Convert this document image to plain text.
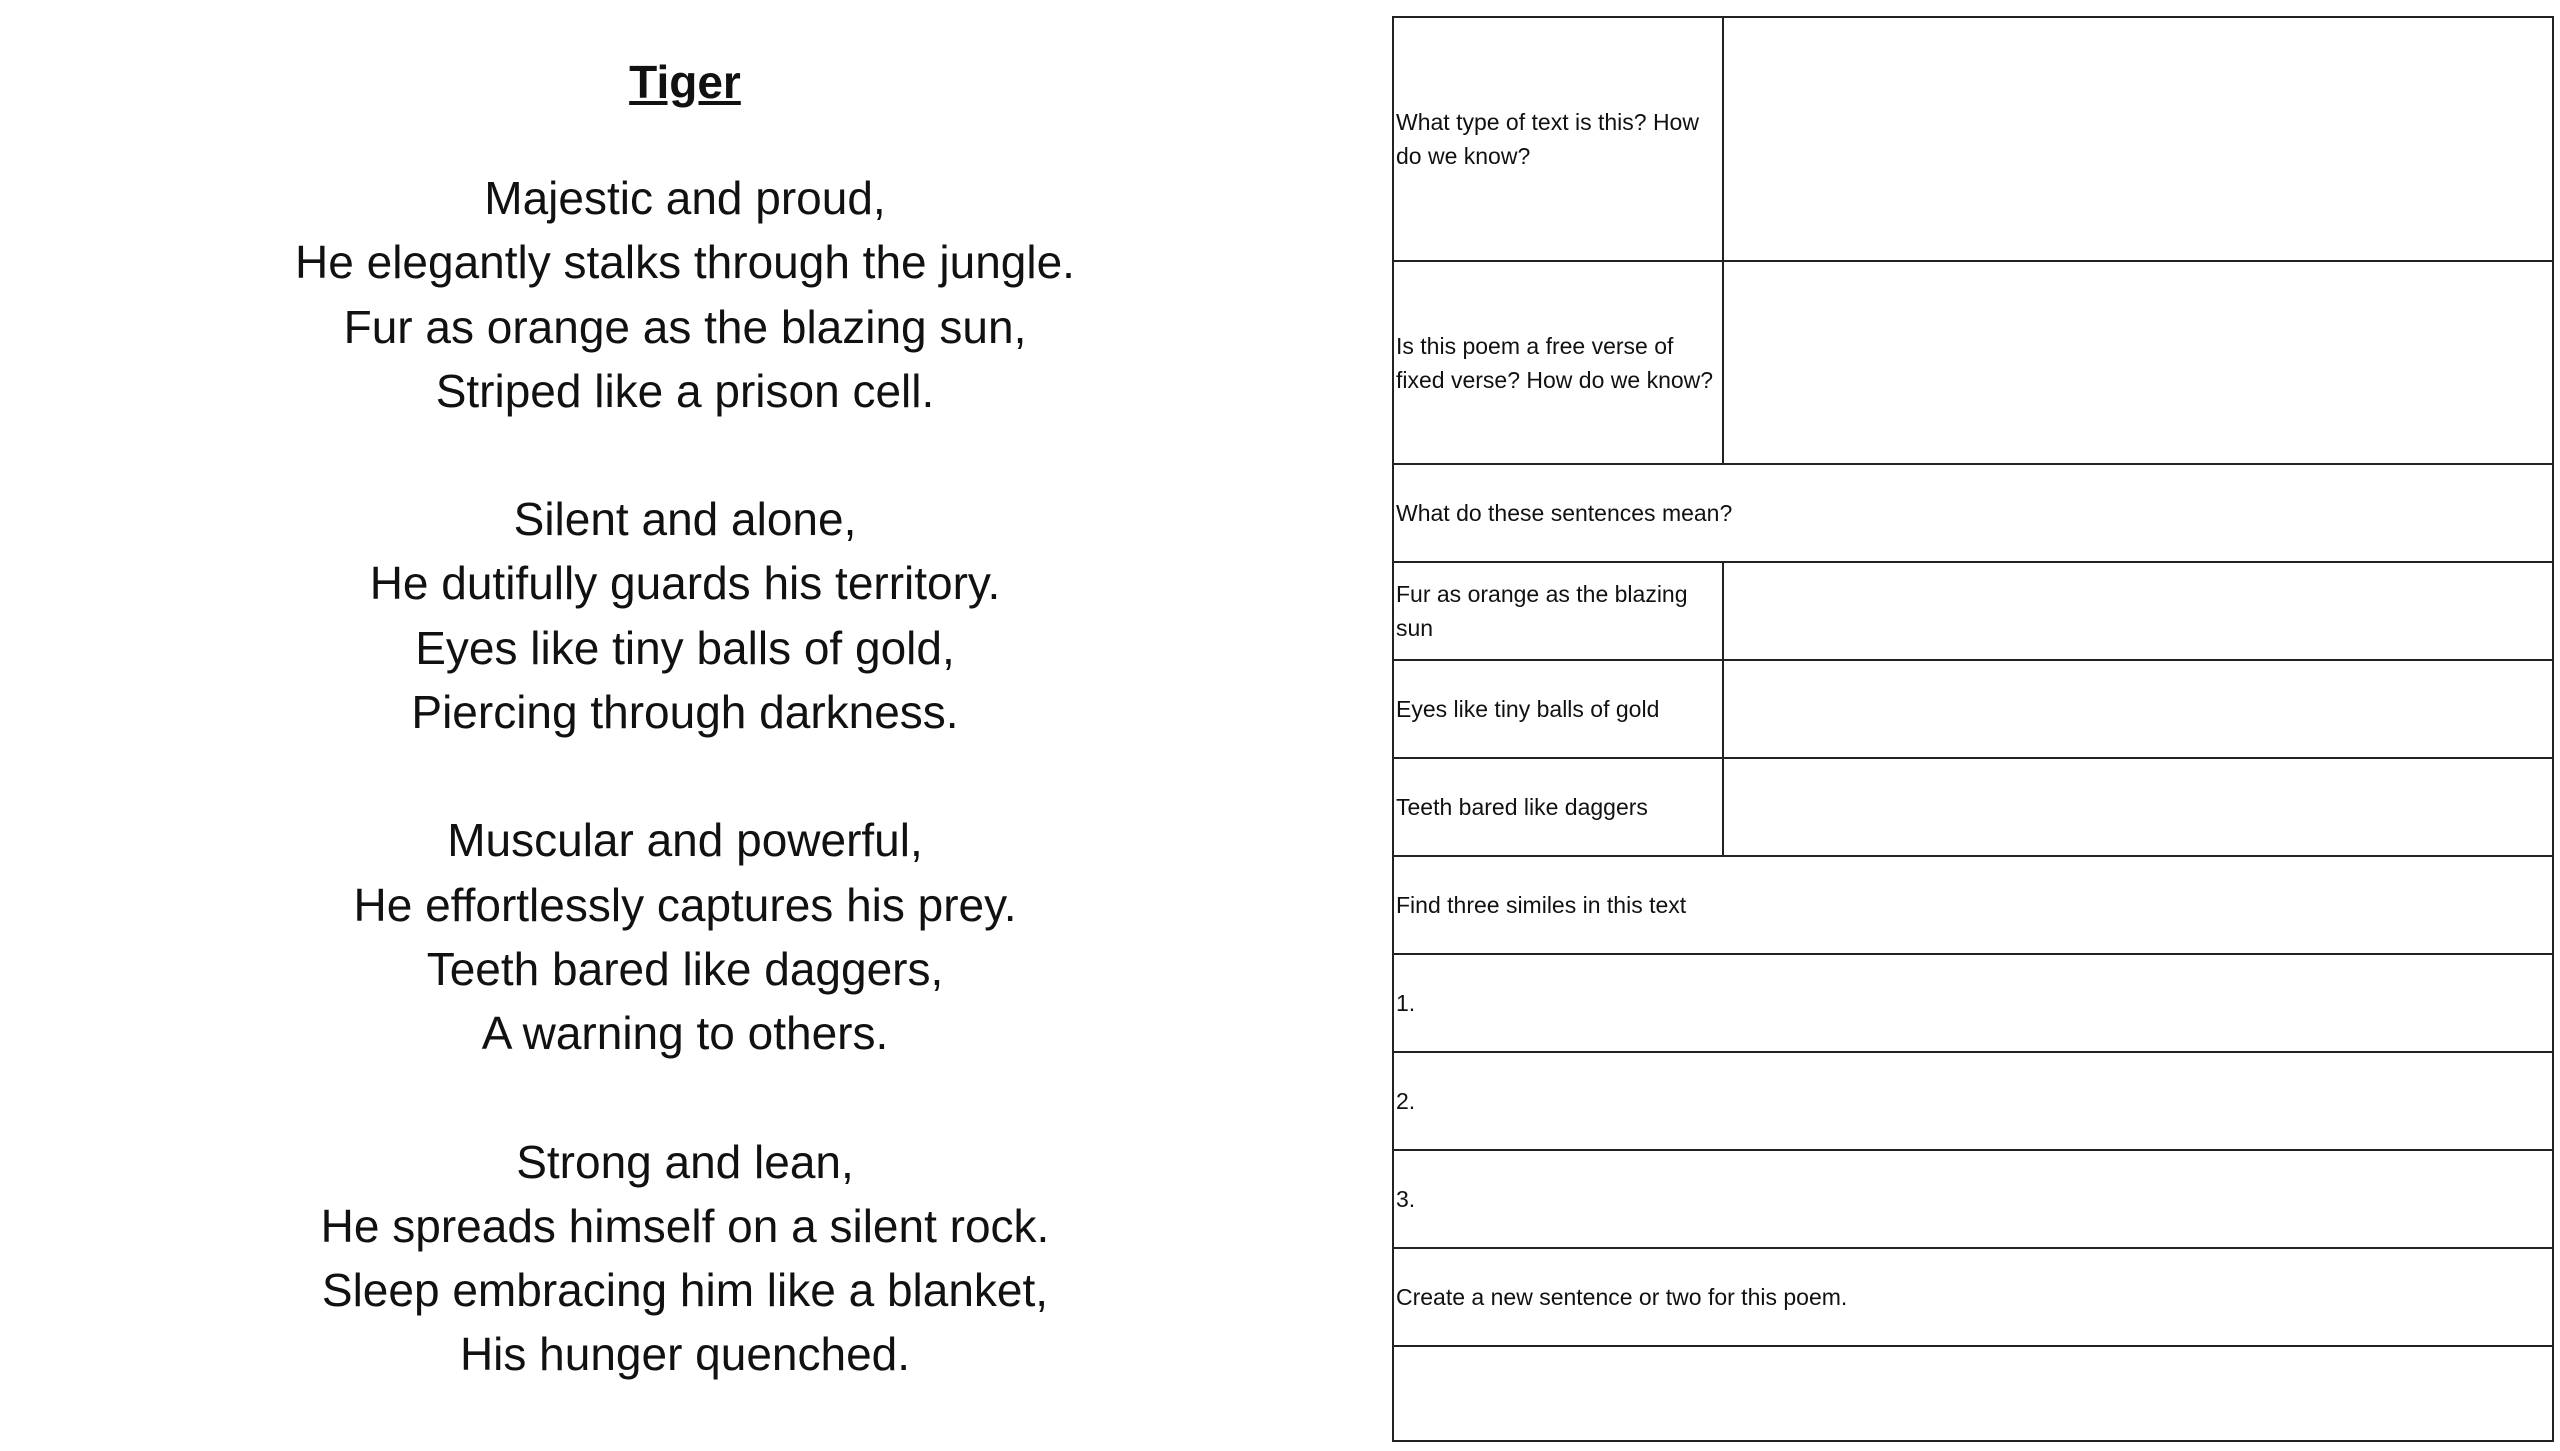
Tiger
Majestic and proud,
He elegantly stalks through the jungle.
Fur as orange as the blazing sun,
Striped like a prison cell.
Silent and alone,
He dutifully guards his territory.
Eyes like tiny balls of gold,
Piercing through darkness.
Muscular and powerful,
He effortlessly captures his prey.
Teeth bared like daggers,
A warning to others.
Strong and lean,
He spreads himself on a silent rock.
Sleep embracing him like a blanket,
His hunger quenched.
What type of text is this? How do we know?	
Is this poem a free verse of fixed verse? How do we know?	
What do these sentences mean?	
Fur as orange as the blazing sun	
Eyes like tiny balls of gold	
Teeth bared like daggers	
Find three similes in this text	
1.	
2.	
3.	
Create a new sentence or two for this poem.	
